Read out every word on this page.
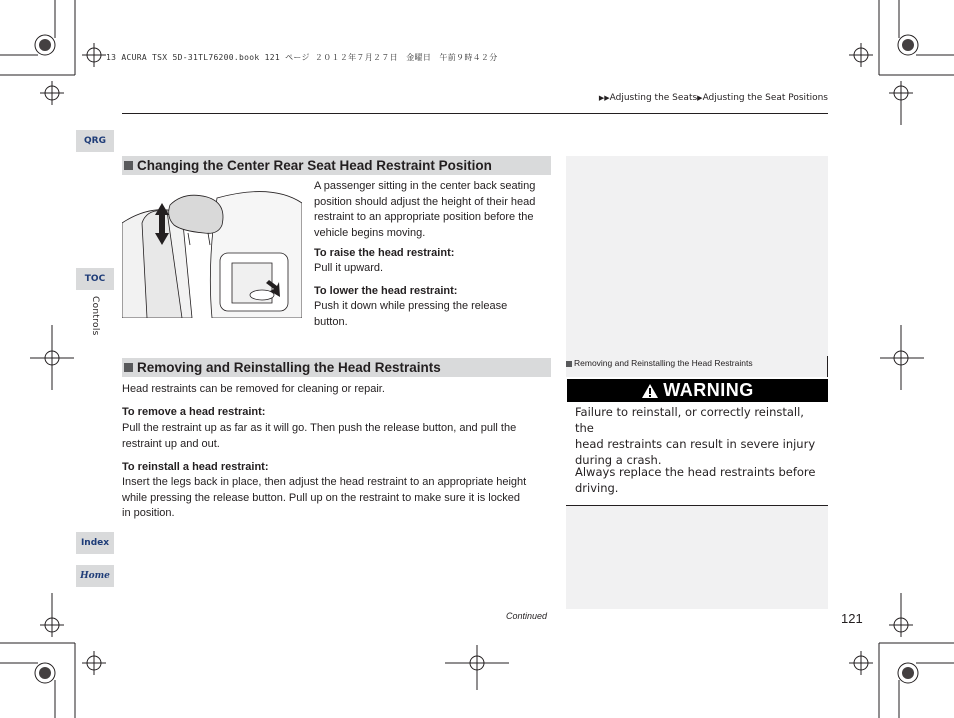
13 ACURA TSX 5D-31TL76200.book 121 ページ ２０１２年７月２７日　金曜日　午前９時４２分
▶▶Adjusting the Seats▶Adjusting the Seat Positions
QRG
TOC
Controls
Index
Home
Changing the Center Rear Seat Head Restraint Position
A passenger sitting in the center back seating
position should adjust the height of their head
restraint to an appropriate position before the
vehicle begins moving.
To raise the head restraint:
Pull it upward.
To lower the head restraint:
Push it down while pressing the release
button.
Removing and Reinstalling the Head Restraints
Head restraints can be removed for cleaning or repair.
To remove a head restraint:
Pull the restraint up as far as it will go. Then push the release button, and pull the
restraint up and out.
To reinstall a head restraint:
Insert the legs back in place, then adjust the head restraint to an appropriate height
while pressing the release button. Pull up on the restraint to make sure it is locked
in position.
Removing and Reinstalling the Head Restraints
WARNING
Failure to reinstall, or correctly reinstall, the
head restraints can result in severe injury
during a crash.
Always replace the head restraints before
driving.
Continued	121
